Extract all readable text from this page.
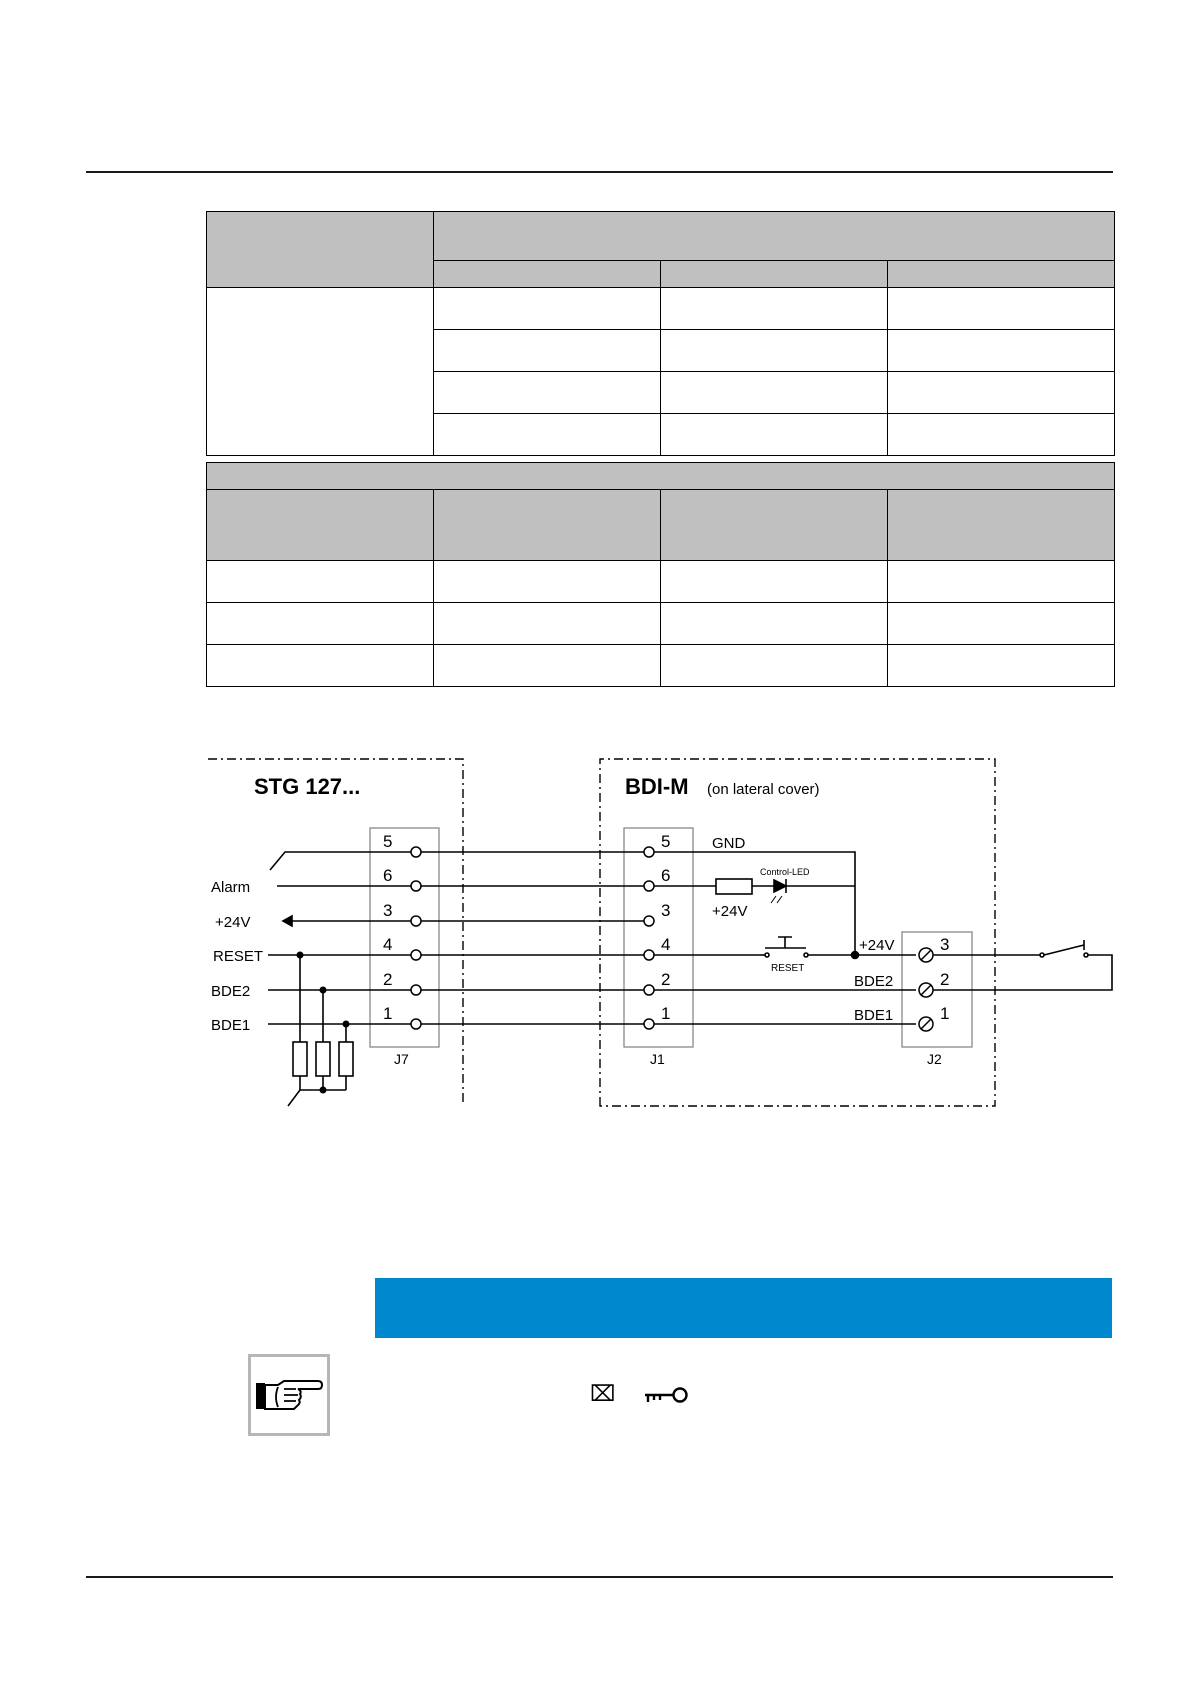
STG 127...	BDI-M (on lateral cover)
Alarm
+24V
RESET
BDE2
BDE1
5
6
3
4
2
1
5
6
3
4
2
1
3
2
1
J7	J1	J2
GND
Control-LED
+24V
RESET
+24V
BDE2
BDE1
⌧
